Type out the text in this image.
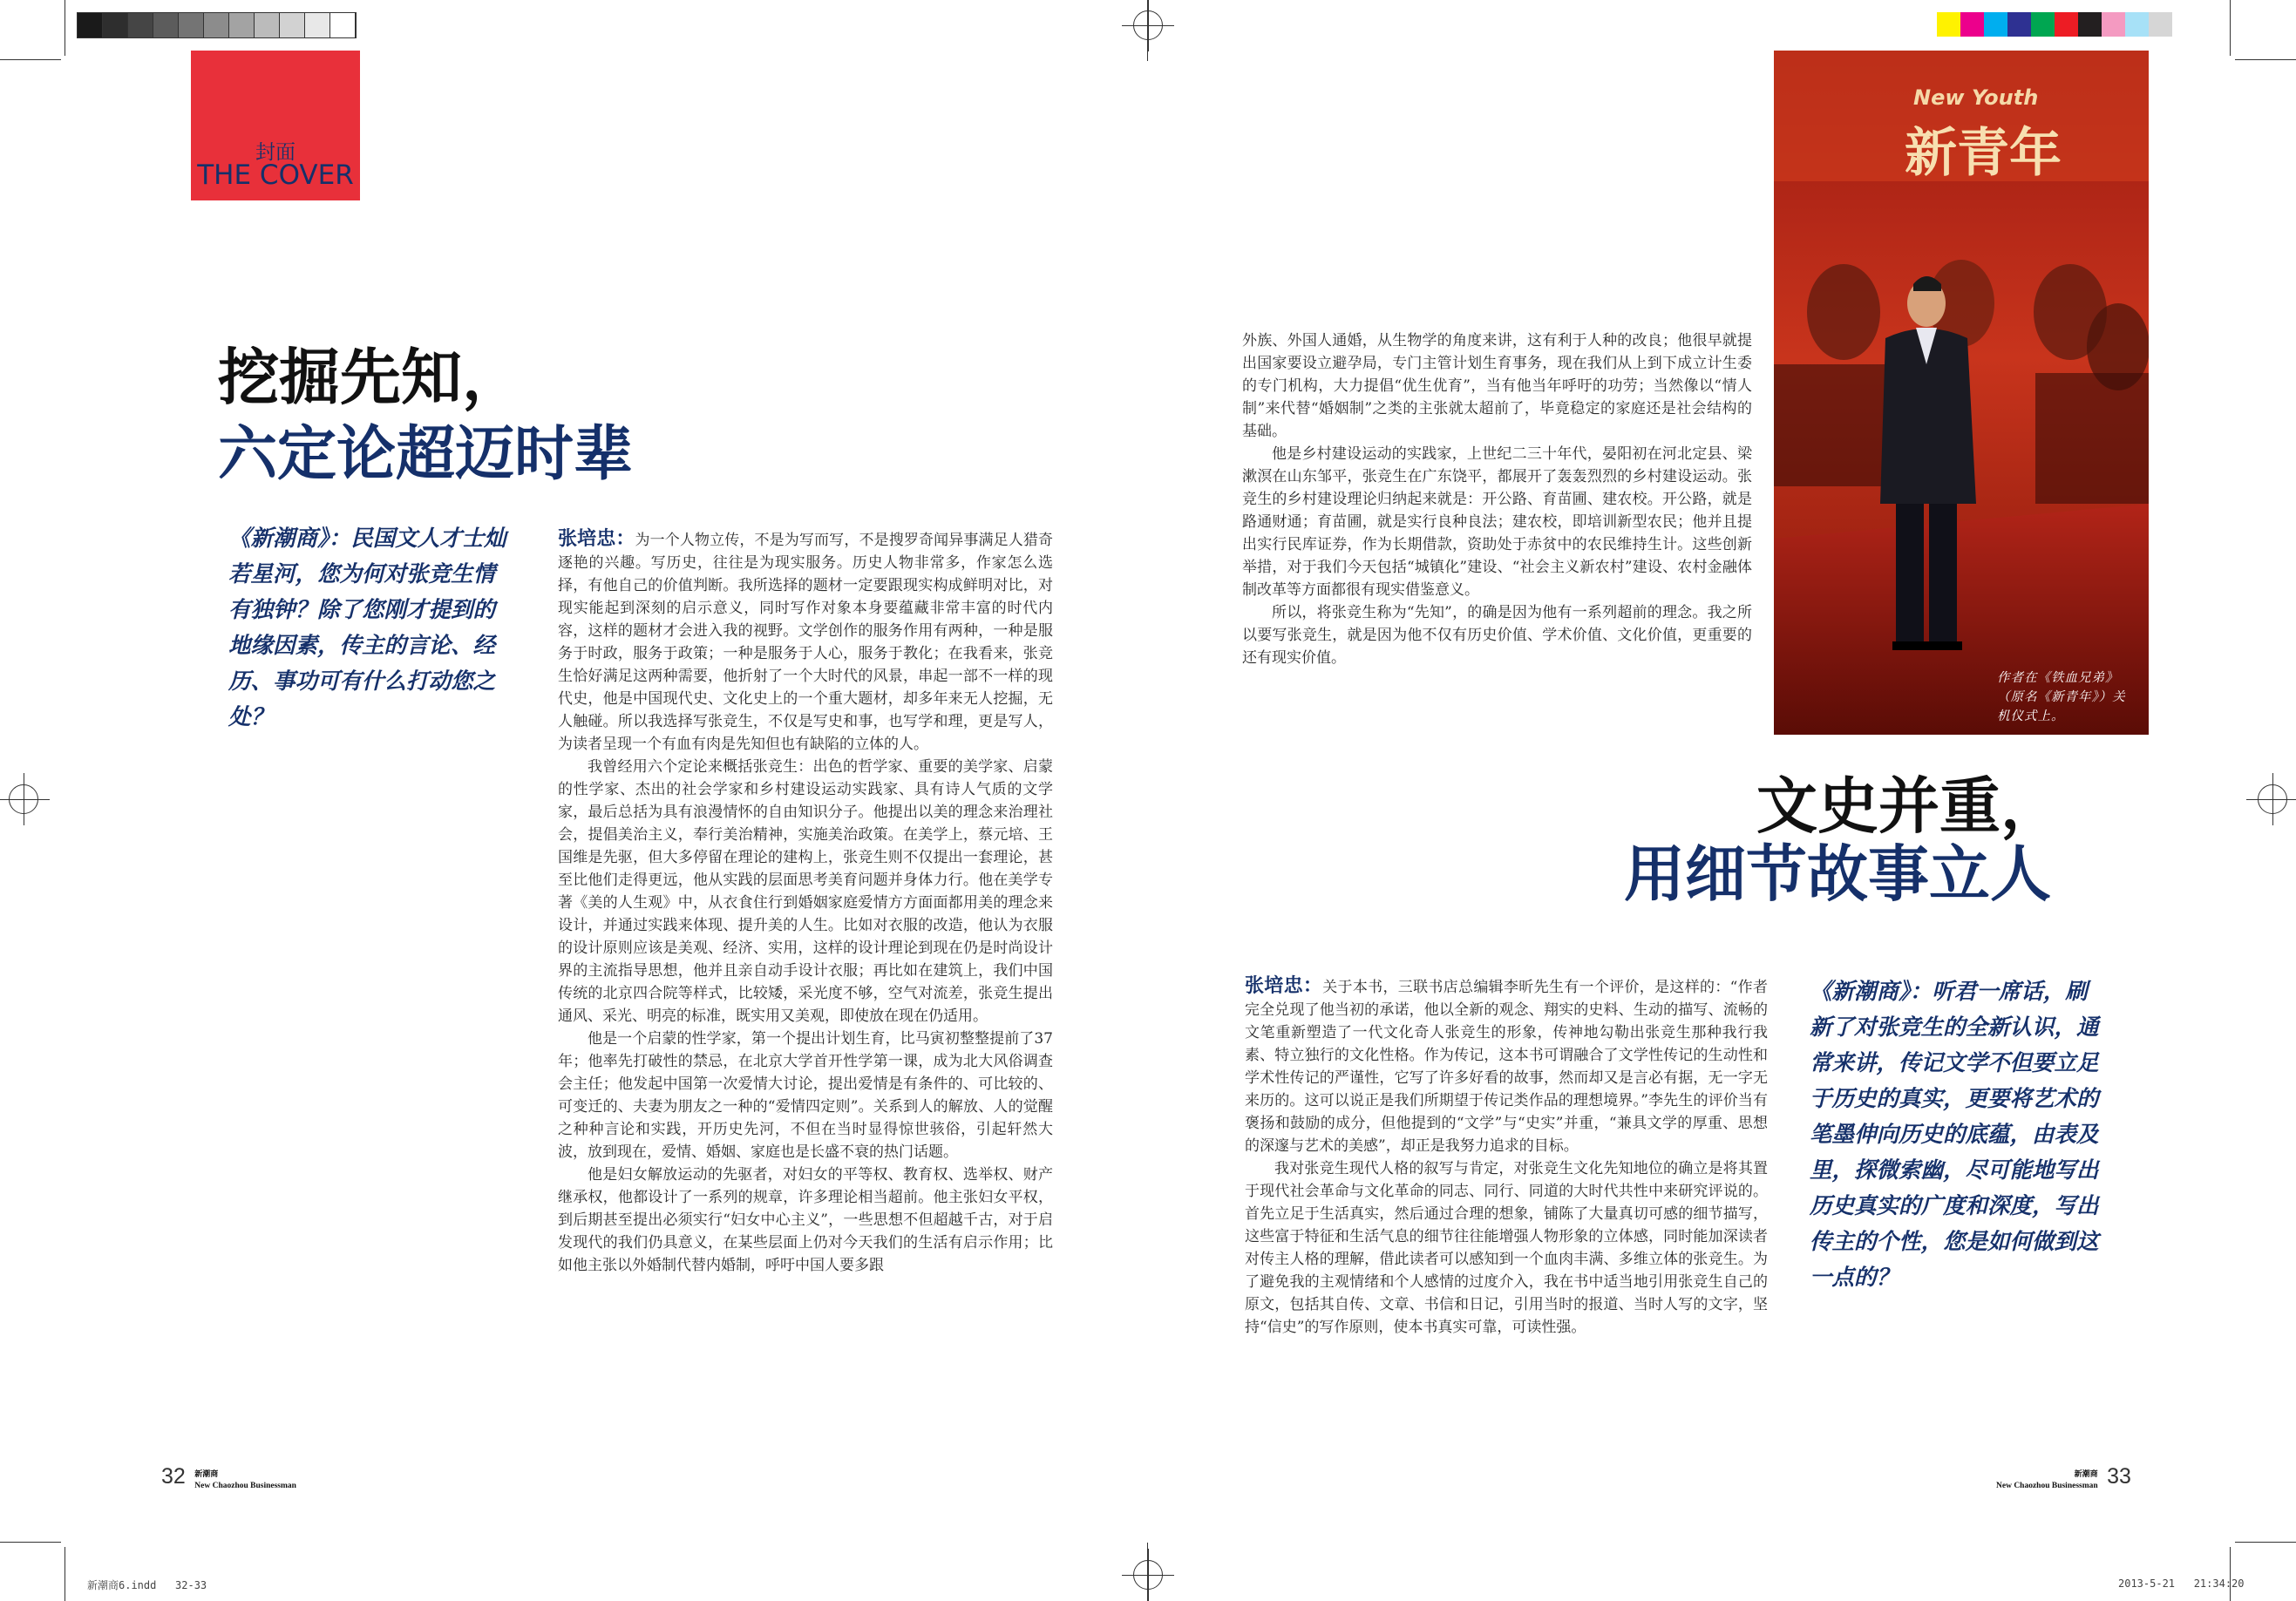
封面
THE COVER
挖掘先知，
六定论超迈时辈
《新潮商》：民国文人才士灿若星河，您为何对张竞生情有独钟？除了您刚才提到的地缘因素，传主的言论、经历、事功可有什么打动您之处？

张培忠：为一个人物立传，不是为写而写，不是搜罗奇闻异事满足人猎奇逐艳的兴趣。写历史，往往是为现实服务。历史人物非常多，作家怎么选择，有他自己的价值判断。我所选择的题材一定要跟现实构成鲜明对比，对现实能起到深刻的启示意义，同时写作对象本身要蕴藏非常丰富的时代内容，这样的题材才会进入我的视野。文学创作的服务作用有两种，一种是服务于时政，服务于政策；一种是服务于人心，服务于教化；在我看来，张竞生恰好满足这两种需要，他折射了一个大时代的风景，串起一部不一样的现代史，他是中国现代史、文化史上的一个重大题材，却多年来无人挖掘，无人触碰。所以我选择写张竞生，不仅是写史和事，也写学和理，更是写人，为读者呈现一个有血有肉是先知但也有缺陷的立体的人。

我曾经用六个定论来概括张竞生：出色的哲学家、重要的美学家、启蒙的性学家、杰出的社会学家和乡村建设运动实践家、具有诗人气质的文学家，最后总括为具有浪漫情怀的自由知识分子。他提出以美的理念来治理社会，提倡美治主义，奉行美治精神，实施美治政策。在美学上，蔡元培、王国维是先驱，但大多停留在理论的建构上，张竞生则不仅提出一套理论，甚至比他们走得更远，他从实践的层面思考美育问题并身体力行。他在美学专著《美的人生观》中，从衣食住行到婚姻家庭爱情方方面面都用美的理念来设计，并通过实践来体现、提升美的人生。比如对衣服的改造，他认为衣服的设计原则应该是美观、经济、实用，这样的设计理论到现在仍是时尚设计界的主流指导思想，他并且亲自动手设计衣服；再比如在建筑上，我们中国传统的北京四合院等样式，比较矮，采光度不够，空气对流差，张竞生提出通风、采光、明亮的标准，既实用又美观，即使放在现在仍适用。

他是一个启蒙的性学家，第一个提出计划生育，比马寅初整整提前了37年；他率先打破性的禁忌，在北京大学首开性学第一课，成为北大风俗调查会主任；他发起中国第一次爱情大讨论，提出爱情是有条件的、可比较的、可变迁的、夫妻为朋友之一种的“爱情四定则”。关系到人的解放、人的觉醒之种种言论和实践，开历史先河，不但在当时显得惊世骇俗，引起轩然大波，放到现在，爱情、婚姻、家庭也是长盛不衰的热门话题。

他是妇女解放运动的先驱者，对妇女的平等权、教育权、选举权、财产继承权，他都设计了一系列的规章，许多理论相当超前。他主张妇女平权，到后期甚至提出必须实行“妇女中心主义”，一些思想不但超越千古，对于启发现代的我们仍具意义，在某些层面上仍对今天我们的生活有启示作用；比如他主张以外婚制代替内婚制，呼吁中国人要多跟

外族、外国人通婚，从生物学的角度来讲，这有利于人种的改良；他很早就提出国家要设立避孕局，专门主管计划生育事务，现在我们从上到下成立计生委的专门机构，大力提倡“优生优育”，当有他当年呼吁的功劳；当然像以“情人制”来代替“婚姻制”之类的主张就太超前了，毕竟稳定的家庭还是社会结构的基础。

他是乡村建设运动的实践家，上世纪二三十年代，晏阳初在河北定县、梁漱溟在山东邹平，张竞生在广东饶平，都展开了轰轰烈烈的乡村建设运动。张竞生的乡村建设理论归纳起来就是：开公路、育苗圃、建农校。开公路，就是路通财通；育苗圃，就是实行良种良法；建农校，即培训新型农民；他并且提出实行民库证券，作为长期借款，资助处于赤贫中的农民维持生计。这些创新举措，对于我们今天包括“城镇化”建设、“社会主义新农村”建设、农村金融体制改革等方面都很有现实借鉴意义。

所以，将张竞生称为“先知”，的确是因为他有一系列超前的理念。我之所以要写张竞生，就是因为他不仅有历史价值、学术价值、文化价值，更重要的还有现实价值。

New Youth
新青年
作者在《铁血兄弟》（原名《新青年》）关机仪式上。
文史并重，
用细节故事立人

张培忠：关于本书，三联书店总编辑李昕先生有一个评价，是这样的：“作者完全兑现了他当初的承诺，他以全新的观念、翔实的史料、生动的描写、流畅的文笔重新塑造了一代文化奇人张竞生的形象，传神地勾勒出张竞生那种我行我素、特立独行的文化性格。作为传记，这本书可谓融合了文学性传记的生动性和学术性传记的严谨性，它写了许多好看的故事，然而却又是言必有据，无一字无来历的。这可以说正是我们所期望于传记类作品的理想境界。”李先生的评价当有褒扬和鼓励的成分，但他提到的“文学”与“史实”并重，“兼具文学的厚重、思想的深邃与艺术的美感”，却正是我努力追求的目标。

我对张竞生现代人格的叙写与肯定，对张竞生文化先知地位的确立是将其置于现代社会革命与文化革命的同志、同行、同道的大时代共性中来研究评说的。首先立足于生活真实，然后通过合理的想象，铺陈了大量真切可感的细节描写，这些富于特征和生活气息的细节往往能增强人物形象的立体感，同时能加深读者对传主人格的理解，借此读者可以感知到一个血肉丰满、多维立体的张竞生。为了避免我的主观情绪和个人感情的过度介入，我在书中适当地引用张竞生自己的原文，包括其自传、文章、书信和日记，引用当时的报道、当时人写的文字，坚持“信史”的写作原则，使本书真实可靠，可读性强。

《新潮商》：听君一席话，刷新了对张竞生的全新认识，通常来讲，传记文学不但要立足于历史的真实，更要将艺术的笔墨伸向历史的底蕴，由表及里，探微索幽，尽可能地写出历史真实的广度和深度，写出传主的个性，您是如何做到这一点的？
32 新潮商
New Chaozhou Businessman
新潮商
New Chaozhou Businessman 33
新潮商6.indd   32-33	2013-5-21   21:34:20
